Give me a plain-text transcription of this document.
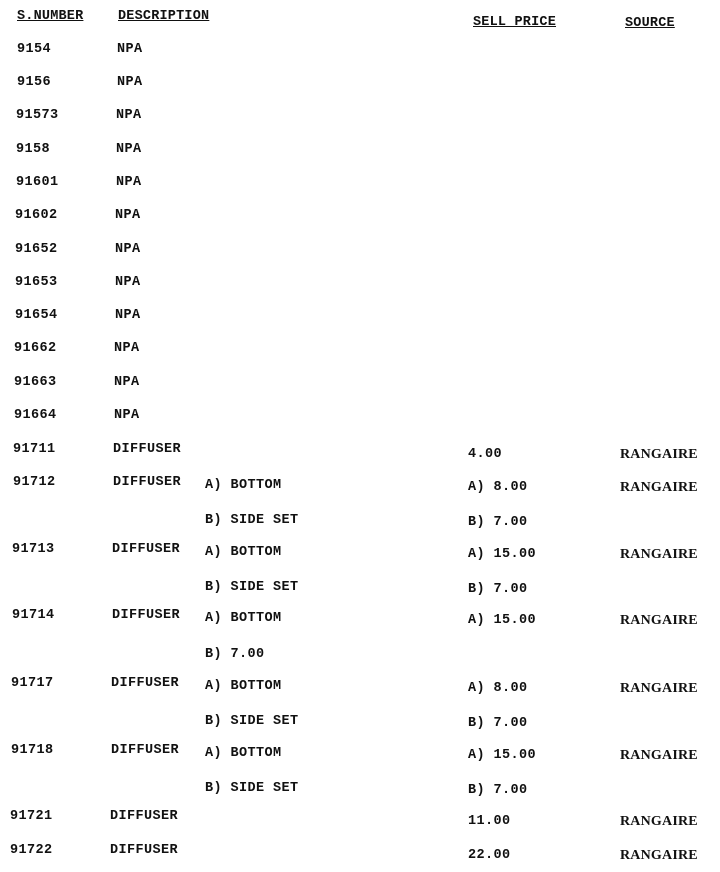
S.NUMBER	DESCRIPTION	SELL PRICE	SOURCE
9154	NPA
9156	NPA
91573	NPA
9158	NPA
91601	NPA
91602	NPA
91652	NPA
91653	NPA
91654	NPA
91662	NPA
91663	NPA
91664	NPA
91711	DIFFUSER	4.00	RANGAIRE
91712	DIFFUSER A) BOTTOM	A) 8.00	RANGAIRE
B) SIDE SET	B) 7.00
91713	DIFFUSER A) BOTTOM	A) 15.00	RANGAIRE
B) SIDE SET	B) 7.00
91714	DIFFUSER A) BOTTOM	A) 15.00	RANGAIRE
B) 7.00
91717	DIFFUSER A) BOTTOM	A) 8.00	RANGAIRE
B) SIDE SET	B) 7.00
91718	DIFFUSER A) BOTTOM	A) 15.00	RANGAIRE
B) SIDE SET	B) 7.00
91721	DIFFUSER	11.00	RANGAIRE
91722	DIFFUSER	22.00	RANGAIRE
